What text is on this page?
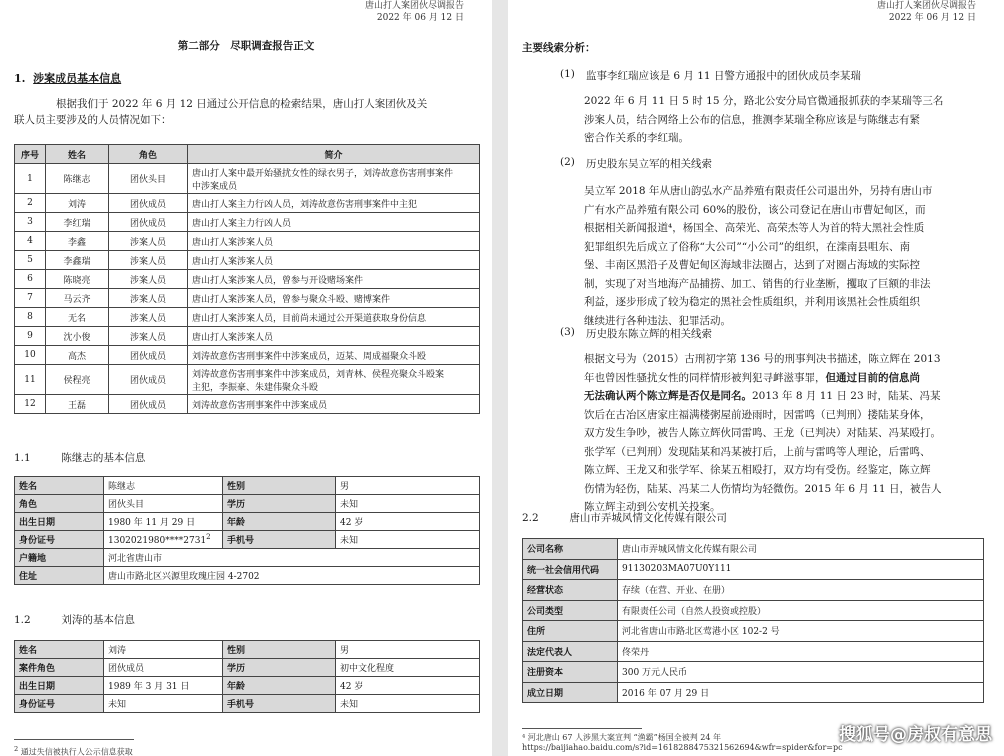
唐山打人案团伙尽调报告
2022 年 06 月 12 日
第二部分　尽职调查报告正文
1. 涉案成员基本信息
根据我们于 2022 年 6 月 12 日通过公开信息的检索结果，唐山打人案团伙及关
联人员主要涉及的人员情况如下：
序号	姓名	角色	简介
1	陈继志	团伙头目	唐山打人案中最开始骚扰女性的绿衣男子，刘涛故意伤害刑事案件
中涉案成员

2	刘涛	团伙成员	唐山打人案主力行凶人员，刘涛故意伤害刑事案件中主犯

3	李红瑞	团伙成员	唐山打人案主力行凶人员

4	李鑫	涉案人员	唐山打人案涉案人员

5	李鑫瑞	涉案人员	唐山打人案涉案人员

6	陈晓亮	涉案人员	唐山打人案涉案人员，曾参与开设赌场案件

7	马云齐	涉案人员	唐山打人案涉案人员，曾参与聚众斗殴、赌博案件

8	无名	涉案人员	唐山打人案涉案人员，目前尚未通过公开渠道获取身份信息

9	沈小俊	涉案人员	唐山打人案涉案人员

10	高杰	团伙成员	刘涛故意伤害刑事案件中涉案成员，迈某、周成福聚众斗殴

11	侯程亮	团伙成员	刘涛故意伤害刑事案件中涉案成员，刘青林、侯程亮聚众斗殴案
主犯，李振豪、朱建伟聚众斗殴

12	王磊	团伙成员	刘涛故意伤害刑事案件中涉案成员
1.1	陈继志的基本信息
姓名	陈继志	性别	男
角色	团伙头目	学历	未知
出生日期	1980 年 11 月 29 日	年龄	42 岁
身份证号	1302021980****2731$^2$	手机号	未知
户籍地	河北省唐山市		
住址	唐山市路北区兴源里玫瑰庄园 4-2702		
1.2	刘涛的基本信息
姓名	刘涛	性别	男
案件角色	团伙成员	学历	初中文化程度
出生日期	1989 年 3 月 31 日	年龄	42 岁
身份证号	未知	手机号	未知
$^2$ 通过失信被执行人公示信息获取
唐山打人案团伙尽调报告
2022 年 06 月 12 日
主要线索分析：
(1) 监事李红瑞应该是 6 月 11 日警方通报中的团伙成员李某瑞
2022 年 6 月 11 日 5 时 15 分，路北公安分局官微通报抓获的李某瑞等三名
涉案人员，结合网络上公布的信息，推测李某瑞全称应该是与陈继志有紧
密合作关系的李红瑞。
(2) 历史股东吴立军的相关线索
吴立军 2018 年从唐山韵弘水产品养殖有限责任公司退出外，另持有唐山市
广有水产品养殖有限公司 60%的股份，该公司登记在唐山市曹妃甸区，而
根据相关新闻报道⁴，杨国全、高荣光、高荣杰等人为首的特大黑社会性质
犯罪组织先后成立了俗称“大公司”“小公司”的组织，在滦南县咀东、南
堡、丰南区黑沿子及曹妃甸区海域非法圈占，达到了对圈占海域的实际控
制，实现了对当地海产品捕捞、加工、销售的行业垄断，攫取了巨额的非法
利益，逐步形成了较为稳定的黑社会性质组织，并利用该黑社会性质组织
继续进行各种违法、犯罪活动。
(3) 历史股东陈立辉的相关线索
根据文号为（2015）古刑初字第 136 号的刑事判决书描述，陈立辉在 2013
年也曾因性骚扰女性的同样情形被判犯寻衅滋事罪，但通过目前的信息尚
无法确认两个陈立辉是否仅是同名。2013 年 8 月 11 日 23 时，陆某、冯某
饮后在古冶区唐家庄福满楼粥屋前逊雨时，因雷鸣（已判刑）搂陆某身体，
双方发生争吵，被告人陈立辉伙同雷鸣、王龙（已判决）对陆某、冯某殴打。
张学军（已判刑）发现陆某和冯某被打后，上前与雷鸣等人理论，后雷鸣、
陈立辉、王龙又和张学军、徐某五相殴打，双方均有受伤。经鉴定，陈立辉
伤情为轻伤，陆某、冯某二人伤情均为轻微伤。2015 年 6 月 11 日，被告人
陈立辉主动到公安机关投案。
2.2	唐山市弄城风情文化传媒有限公司
公司名称	唐山市弄城风情文化传媒有限公司
统一社会信用代码	91130203MA07U0Y111
经营状态	存续（在营、开业、在册）
公司类型	有限责任公司（自然人投资或控股）
住所	河北省唐山市路北区莺港小区 102-2 号
法定代表人	佟荣丹
注册资本	300 万元人民币
成立日期	2016 年 07 月 29 日
⁴ 河北唐山 67 人涉黑大案宣判 “渔霸”杨国全被判 24 年
https://baijiahao.baidu.com/s?id=1618288475321562694&wfr=spider&for=pc
搜狐号@房叔有意思
